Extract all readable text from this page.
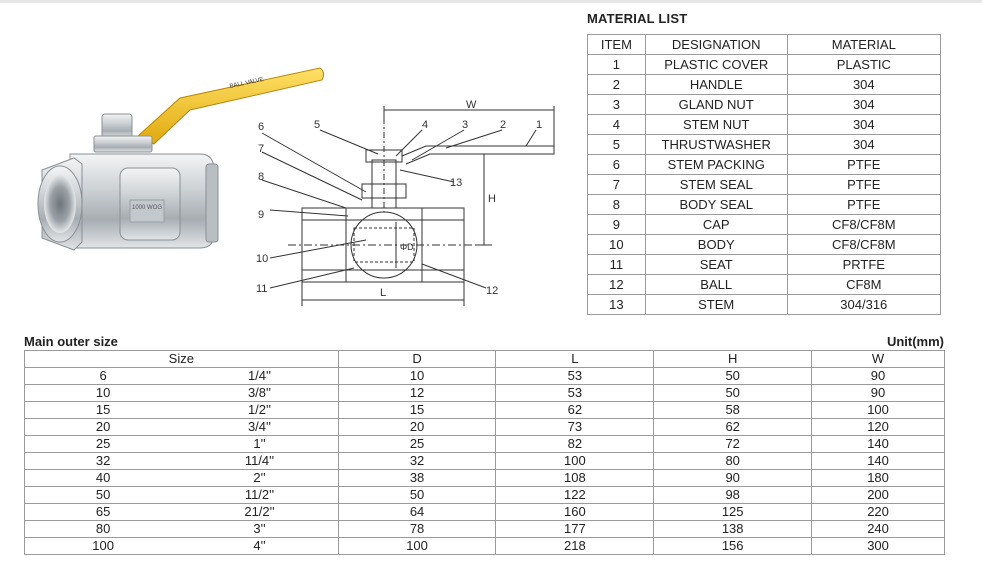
BALL VALVE
1000 WOG
1
2
3
4
5
6
7
8
9
10
11	12
13
W
H
L
ΦD
MATERIAL LIST
ITEM	DESIGNATION	MATERIAL
1	PLASTIC COVER	PLASTIC
2	HANDLE	304
3	GLAND NUT	304
4	STEM NUT	304
5	THRUSTWASHER	304
6	STEM PACKING	PTFE
7	STEM SEAL	PTFE
8	BODY SEAL	PTFE
9	CAP	CF8/CF8M
10	BODY	CF8/CF8M
11	SEAT	PRTFE
12	BALL	CF8M
13	STEM	304/316
Main outer size	Unit(mm)
Size		D	L	H	W
6	1/4''	10	53	50	90
10	3/8''	12	53	50	90
15	1/2''	15	62	58	100
20	3/4''	20	73	62	120
25	1''	25	82	72	140
32	11/4''	32	100	80	140
40	2''	38	108	90	180
50	11/2''	50	122	98	200
65	21/2''	64	160	125	220
80	3''	78	177	138	240
100	4''	100	218	156	300
